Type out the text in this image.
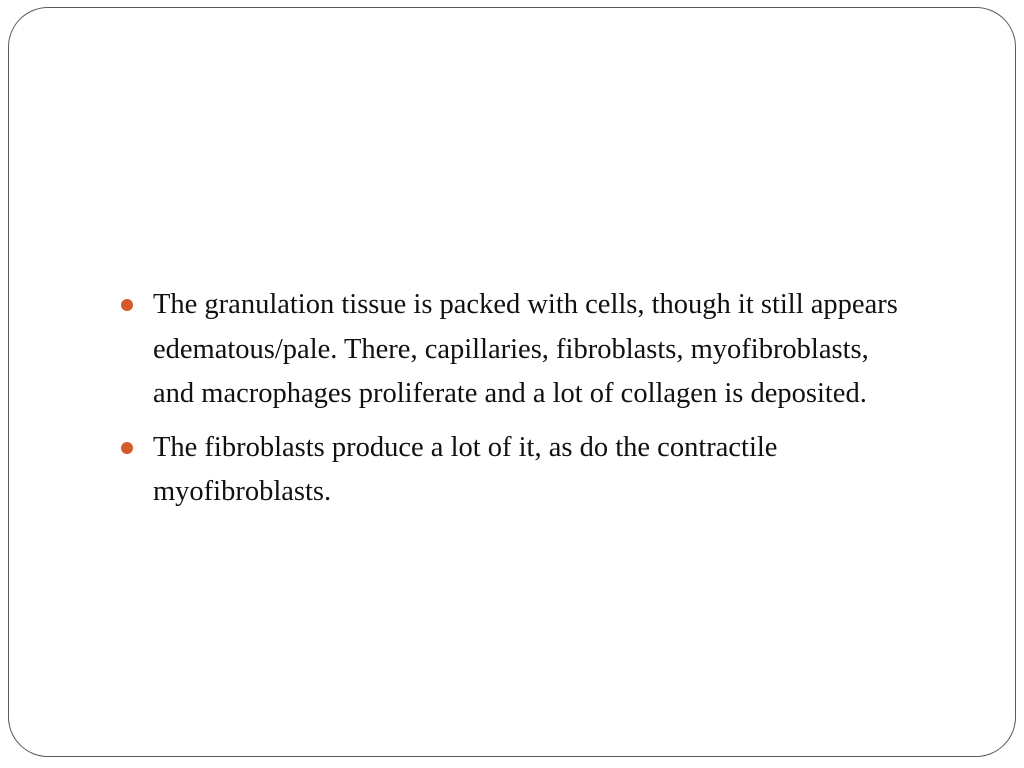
The granulation tissue is packed with cells, though it still appears edematous/pale. There, capillaries, fibroblasts, myofibroblasts, and macrophages proliferate and a lot of collagen is deposited.
The fibroblasts produce a lot of it, as do the contractile myofibroblasts.
